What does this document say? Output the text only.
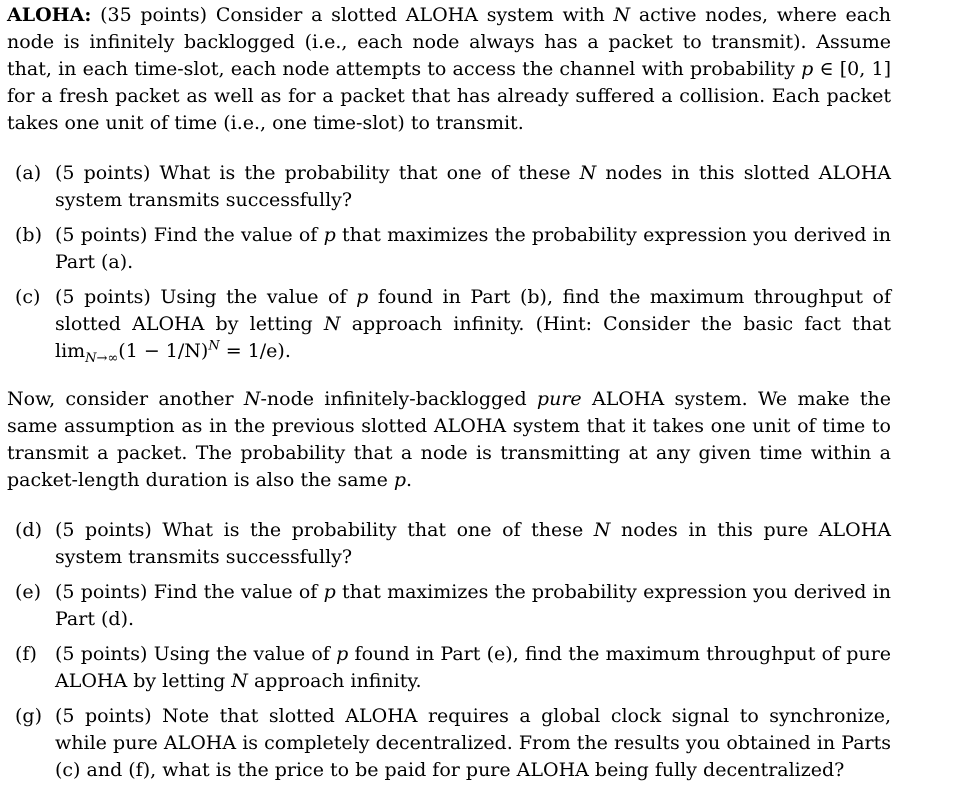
ALOHA: (35 points) Consider a slotted ALOHA system with N active nodes, where each node is infinitely backlogged (i.e., each node always has a packet to transmit). Assume that, in each time-slot, each node attempts to access the channel with probability p ∈ [0, 1] for a fresh packet as well as for a packet that has already suffered a collision. Each packet takes one unit of time (i.e., one time-slot) to transmit.

(a) (5 points) What is the probability that one of these N nodes in this slotted ALOHA system transmits successfully?
(b) (5 points) Find the value of p that maximizes the probability expression you derived in Part (a).
(c) (5 points) Using the value of p found in Part (b), find the maximum throughput of slotted ALOHA by letting N approach infinity. (Hint: Consider the basic fact that $\lim_{N\to\infty}(1 - 1/N)^N = 1/e$).

Now, consider another N-node infinitely-backlogged pure ALOHA system. We make the same assumption as in the previous slotted ALOHA system that it takes one unit of time to transmit a packet. The probability that a node is transmitting at any given time within a packet-length duration is also the same p.

(d) (5 points) What is the probability that one of these N nodes in this pure ALOHA system transmits successfully?
(e) (5 points) Find the value of p that maximizes the probability expression you derived in Part (d).
(f) (5 points) Using the value of p found in Part (e), find the maximum throughput of pure ALOHA by letting N approach infinity.
(g) (5 points) Note that slotted ALOHA requires a global clock signal to synchronize, while pure ALOHA is completely decentralized. From the results you obtained in Parts (c) and (f), what is the price to be paid for pure ALOHA being fully decentralized?
